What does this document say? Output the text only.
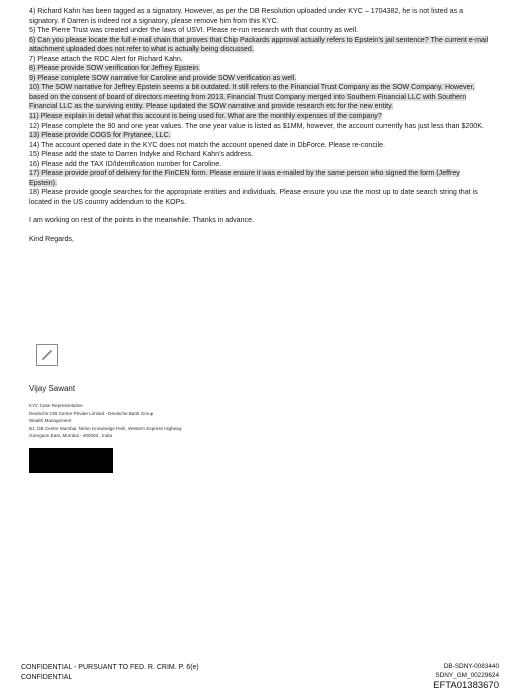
4) Richard Kahn has been tagged as a signatory. However, as per the DB Resolution uploaded under KYC – 1704382, he is not listed as a signatory. If Darren is indeed not a signatory, please remove him from this KYC.

5) The Pierre Trust was created under the laws of USVI. Please re-run research with that country as well.

6) Can you please locate the full e-mail chain that proves that Chip Packards approval actually refers to Epstein’s jail sentence? The current e-mail attachment uploaded does not refer to what is actually being discussed.

7) Please attach the RDC Alert for Richard Kahn.

8) Please provide SOW verification for Jeffrey Epstein.

9) Please complete SOW narrative for Caroline and provide SOW verification as well.

10) The SOW narrative for Jeffrey Epstein seems a bit outdated. It still refers to the Financial Trust Company as the SOW Company. However, based on the consent of board of directors meeting from 2013, Financial Trust Company merged into Southern Financial LLC with Southern Financial LLC as the surviving entity. Please updated the SOW narrative and provide research etc for the new entity.

11) Please explain in detail what this account is being used for. What are the monthly expenses of the company?

12) Please complete the 90 and one year values. The one year value is listed as $1MM, however, the account currently has just less than $200K.

13) Please provide COGS for Prytanee, LLC.

14) The account opened date in the KYC does not match the account opened date in DbForce. Please re-concile.

15) Please add the state to Darren Indyke and Richard Kahn’s address.

16) Please add the TAX ID/Identification number for Caroline.

17) Please provide proof of delivery for the FinCEN form. Please ensure it was e-mailed by the same person who signed the form (Jeffrey Epstein).

18) Please provide google searches for the appropriate entities and individuals. Please ensure you use the most up to date search string that is located in the US country addendum to the KOPs.

I am working on rest of the points in the meanwhile. Thanks in advance.

Kind Regards,

Vijay Sawant
KYC Case Representative
Deutsche CIB Centre Private Limited - Deutsche Bank Group
Wealth Management
B1, DB Centre Mumbai, Nirlon Knowledge Park, Western Express Highway
Goregaon East, Mumbai - 400063 , India
CONFIDENTIAL - PURSUANT TO FED. R. CRIM. P. 6(e)
CONFIDENTIAL
DB-SDNY-0083440
SDNY_GM_00229624
EFTA01383670
